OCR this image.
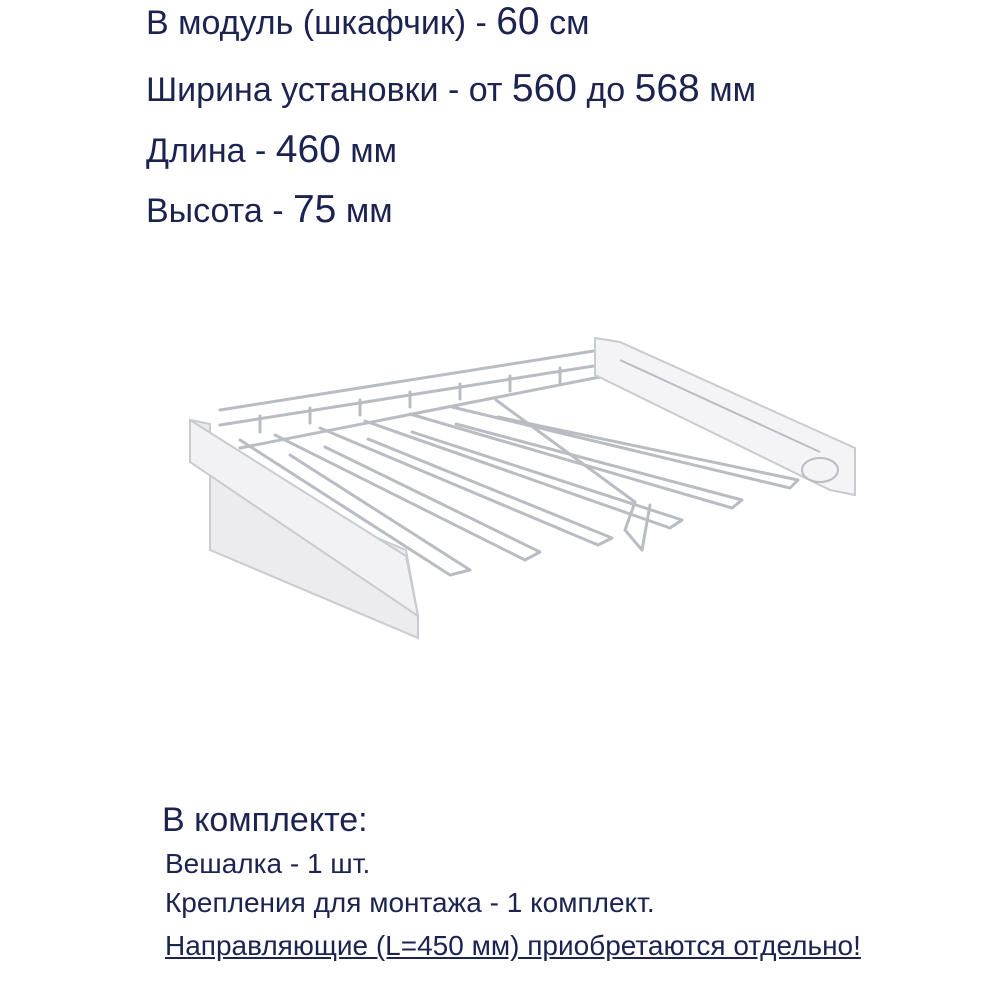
В модуль (шкафчик) - 60 см

Ширина установки - от 560 до 568 мм

Длина - 460 мм

Высота - 75 мм

В комплекте:

Вешалка - 1 шт.

Крепления для монтажа - 1 комплект.

Направляющие (L=450 мм) приобретаются отдельно!
